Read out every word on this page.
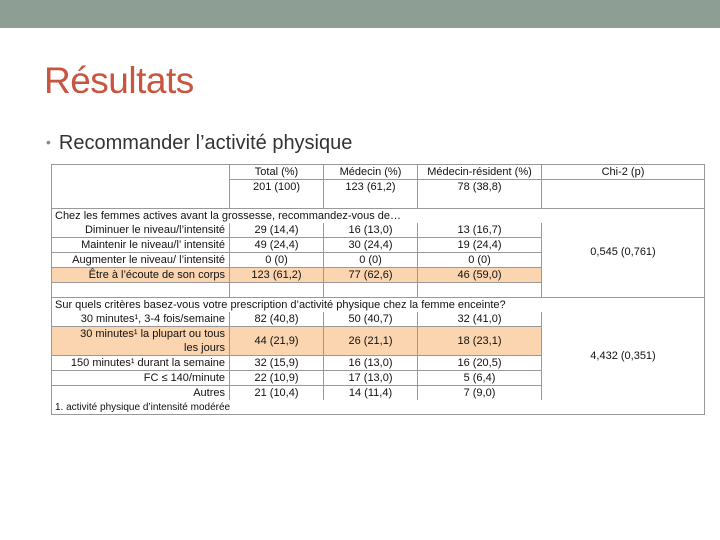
Résultats
• Recommander l’activité physique
	Total (%)	Médecin (%)	Médecin-résident (%)	Chi-2 (p)
	201 (100)	123 (61,2)	78 (38,8)	

Chez les femmes actives avant la grossesse, recommandez-vous de…				
Diminuer le niveau/l’intensité	29 (14,4)	16 (13,0)	13 (16,7)	0,545 (0,761)
Maintenir le niveau/l’ intensité	49 (24,4)	30 (24,4)	19 (24,4)	
Augmenter le niveau/ l’intensité	0 (0)	0 (0)	0 (0)	
Être à l’écoute de son corps	123 (61,2)	77 (62,6)	46 (59,0)	

Sur quels critères basez-vous votre prescription d’activité physique chez la femme enceinte?				
30 minutes¹, 3-4 fois/semaine	82 (40,8)	50 (40,7)	32 (41,0)	4,432 (0,351)
30 minutes¹ la plupart ou tous	44 (21,9)	26 (21,1)	18 (23,1)	
les jours				
150 minutes¹ durant la semaine	32 (15,9)	16 (13,0)	16 (20,5)	
FC ≤ 140/minute	22 (10,9)	17 (13,0)	5 (6,4)	
Autres	21 (10,4)	14 (11,4)	7 (9,0)	
1. activité physique d’intensité modérée				
